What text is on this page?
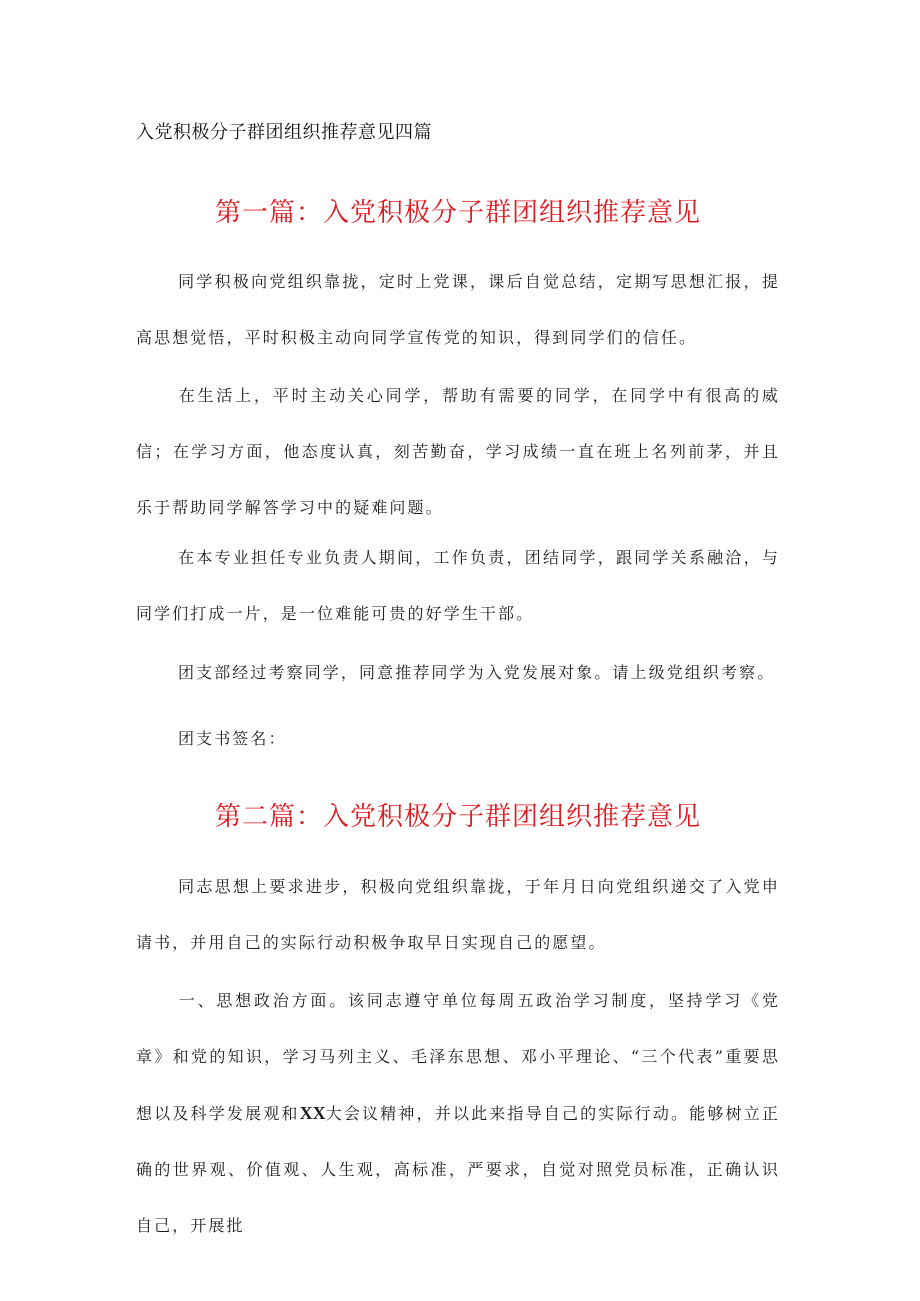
入党积极分子群团组织推荐意见四篇
第一篇：入党积极分子群团组织推荐意见

同学积极向党组织靠拢，定时上党课，课后自觉总结，定期写思想汇报，提高思想觉悟，平时积极主动向同学宣传党的知识，得到同学们的信任。

在生活上，平时主动关心同学，帮助有需要的同学，在同学中有很高的威信；在学习方面，他态度认真，刻苦勤奋，学习成绩一直在班上名列前茅，并且乐于帮助同学解答学习中的疑难问题。

在本专业担任专业负责人期间，工作负责，团结同学，跟同学关系融洽，与同学们打成一片，是一位难能可贵的好学生干部。

团支部经过考察同学，同意推荐同学为入党发展对象。请上级党组织考察。

团支书签名：

第二篇：入党积极分子群团组织推荐意见

同志思想上要求进步，积极向党组织靠拢，于年月日向党组织递交了入党申请书，并用自己的实际行动积极争取早日实现自己的愿望。

一、思想政治方面。该同志遵守单位每周五政治学习制度，坚持学习《党章》和党的知识，学习马列主义、毛泽东思想、邓小平理论、“三个代表”重要思想以及科学发展观和XX大会议精神，并以此来指导自己的实际行动。能够树立正确的世界观、价值观、人生观，高标准，严要求，自觉对照党员标准，正确认识自己，开展批
